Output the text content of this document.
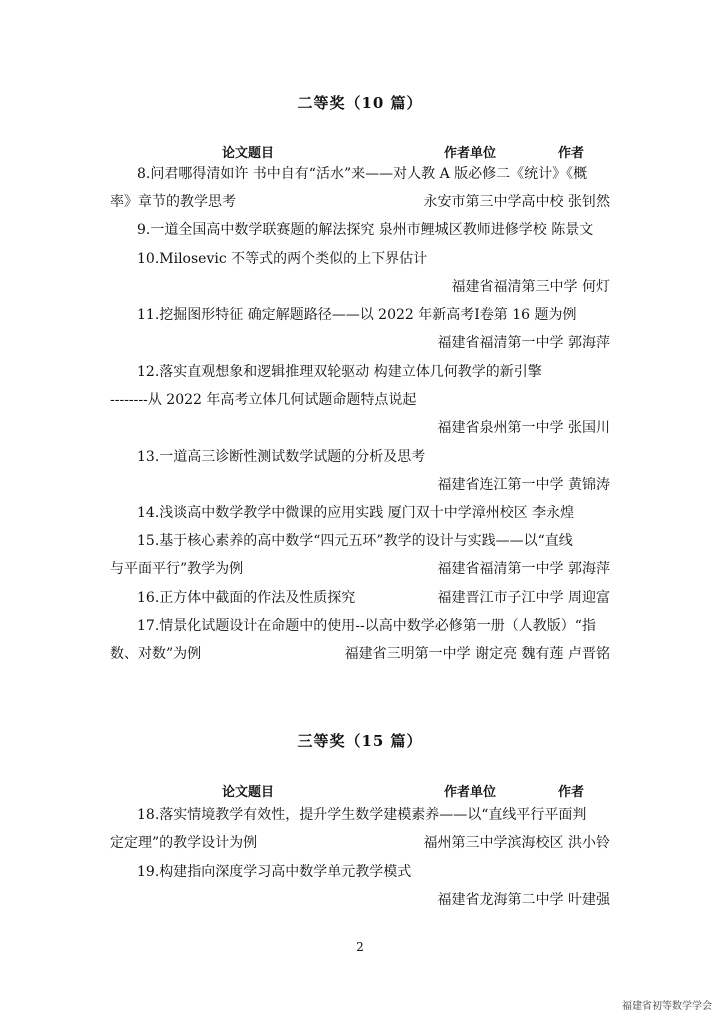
二等奖（10 篇）
论文题目	作者单位	作者
8.问君哪得清如许 书中自有“活水”来——对人教 A 版必修二《统计》《概
率》章节的教学思考	永安市第三中学高中校 张钊然
9.一道全国高中数学联赛题的解法探究 泉州市鲤城区教师进修学校 陈景文
10.Milosevic 不等式的两个类似的上下界估计
福建省福清第三中学 何灯
11.挖掘图形特征 确定解题路径——以 2022 年新高考Ⅰ卷第 16 题为例
福建省福清第一中学 郭海萍
12.落实直观想象和逻辑推理双轮驱动 构建立体几何教学的新引擎
--------从 2022 年高考立体几何试题命题特点说起
福建省泉州第一中学 张国川
13.一道高三诊断性测试数学试题的分析及思考
福建省连江第一中学 黄锦涛
14.浅谈高中数学教学中微课的应用实践 厦门双十中学漳州校区 李永煌
15.基于核心素养的高中数学“四元五环”教学的设计与实践——以“直线
与平面平行”教学为例	福建省福清第一中学 郭海萍
16.正方体中截面的作法及性质探究	福建晋江市子江中学 周迎富
17.情景化试题设计在命题中的使用--以高中数学必修第一册（人教版）“指
数、对数”为例	福建省三明第一中学 谢定亮 魏有莲 卢晋铭
三等奖（15 篇）
论文题目	作者单位	作者
18.落实情境教学有效性，提升学生数学建模素养——以“直线平行平面判
定定理”的教学设计为例	福州第三中学滨海校区 洪小铃
19.构建指向深度学习高中数学单元教学模式
福建省龙海第二中学 叶建强
2
福建省初等数学学会
